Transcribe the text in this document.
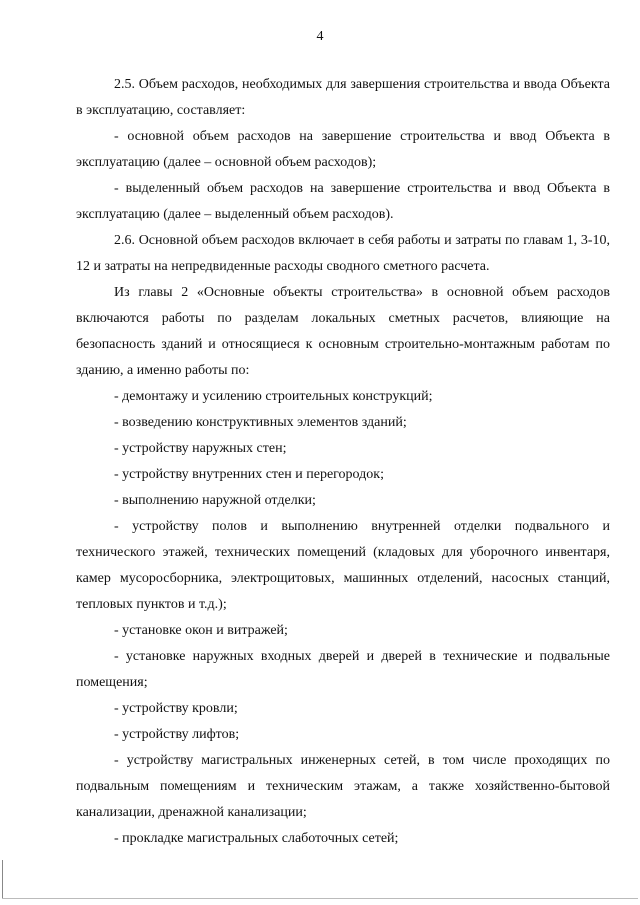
4

2.5. Объем расходов, необходимых для завершения строительства и ввода Объекта в эксплуатацию, составляет:

- основной объем расходов на завершение строительства и ввод Объекта в эксплуатацию (далее – основной объем расходов);

- выделенный объем расходов на завершение строительства и ввод Объекта в эксплуатацию (далее – выделенный объем расходов).

2.6. Основной объем расходов включает в себя работы и затраты по главам 1, 3-10, 12 и затраты на непредвиденные расходы сводного сметного расчета.

Из главы 2 «Основные объекты строительства» в основной объем расходов включаются работы по разделам локальных сметных расчетов, влияющие на безопасность зданий и относящиеся к основным строительно-монтажным работам по зданию, а именно работы по:

- демонтажу и усилению строительных конструкций;

- возведению конструктивных элементов зданий;

- устройству наружных стен;

- устройству внутренних стен и перегородок;

- выполнению наружной отделки;

- устройству полов и выполнению внутренней отделки подвального и технического этажей, технических помещений (кладовых для уборочного инвентаря, камер мусоросборника, электрощитовых, машинных отделений, насосных станций, тепловых пунктов и т.д.);

- установке окон и витражей;

- установке наружных входных дверей и дверей в технические и подвальные помещения;

- устройству кровли;

- устройству лифтов;

- устройству магистральных инженерных сетей, в том числе проходящих по подвальным помещениям и техническим этажам, а также хозяйственно-бытовой канализации, дренажной канализации;

- прокладке магистральных слаботочных сетей;
